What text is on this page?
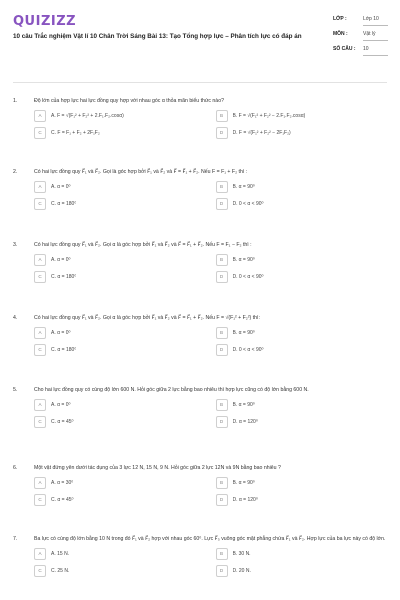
QUIZIZZ
10 câu Trắc nghiệm Vật lí 10 Chân Trời Sáng Bài 13: Tạo Tổng hợp lực – Phân tích lực có đáp án
LỚP :	Lớp 10
MÔN :	Vật lý
SỐ CÂU :	10
1.	Độ lớn của hợp lực hai lực đồng quy hợp với nhau góc α thỏa mãn biểu thức nào?
A	A. F = √(F₁² + F₂² + 2.F₁.F₂.cosα)	B	B. F = √(F₁² + F₂² − 2.F₁.F₂.cosα)
C	C. F = F₁ + F₂ + 2F₁F₂	D	D. F = √(F₁² + F₂² − 2F₁F₂)
2.	Có hai lực đồng quy F⃗₁ và F⃗₂. Gọi là góc hợp bởi F⃗₁ và F⃗₂ và F⃗ = F⃗₁ + F⃗₂. Nếu F = F₁ + F₂ thì :
A	A. α = 0⁰	B	B. α = 90⁰
C	C. α = 180⁰	D	D. 0 < α < 90⁰
3.	Có hai lực đồng quy F⃗₁ và F⃗₂. Gọi α là góc hợp bởi F⃗₁ và F⃗₂ và F⃗ = F⃗₁ + F⃗₂. Nếu F = F₁ − F₂ thì :
A	A. α = 0⁰	B	B. α = 90⁰
C	C. α = 180⁰	D	D. 0 < α < 90⁰
4.	Có hai lực đồng quy F⃗₁ và F⃗₂. Gọi α là góc hợp bởi F⃗₁ và F⃗₂ và F⃗ = F⃗₁ + F⃗₂. Nếu F = √(F₁² + F₂²) thì:
A	A. α = 0⁰	B	B. α = 90⁰
C	C. α = 180⁰	D	D. 0 < α < 90⁰
5.	Cho hai lực đồng quy có cùng độ lớn 600 N. Hỏi góc giữa 2 lực bằng bao nhiêu thì hợp lực cũng có độ lớn bằng 600 N.
A	A. α = 0⁰	B	B. α = 90⁰
C	C. α = 45⁰	D	D. α = 120⁰
6.	Một vật đứng yên dưới tác dụng của 3 lực 12 N, 15 N, 9 N. Hỏi góc giữa 2 lực 12N và 9N bằng bao nhiêu ?
A	A. α = 30⁰	B	B. α = 90⁰
C	C. α = 45⁰	D	D. α = 120⁰
7.	Ba lực có cùng độ lớn bằng 10 N trong đó F⃗₁ và F⃗₂ hợp với nhau góc 60⁰. Lực F⃗₃ vuông góc mặt phẳng chứa F⃗₁ và F⃗₂. Hợp lực của ba lực này có độ lớn.
A	A. 15 N.	B	B. 30 N.
C	C. 25 N.	D	D. 20 N.
